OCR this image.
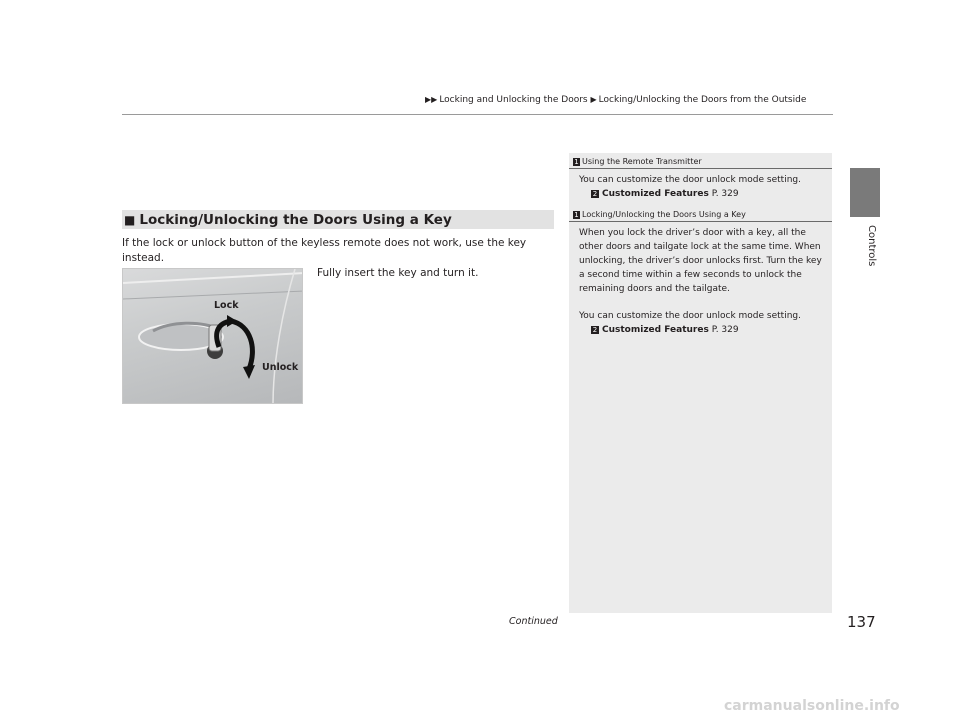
▶▶ Locking and Unlocking the Doors ▶ Locking/Unlocking the Doors from the Outside
Controls
■ Locking/Unlocking the Doors Using a Key
If the lock or unlock button of the keyless remote does not work, use the key instead.
Lock
Unlock
Fully insert the key and turn it.
1 Using the Remote Transmitter
You can customize the door unlock mode setting.
2 Customized Features P. 329
1 Locking/Unlocking the Doors Using a Key
When you lock the driver’s door with a key, all the other doors and tailgate lock at the same time. When unlocking, the driver’s door unlocks first. Turn the key a second time within a few seconds to unlock the remaining doors and the tailgate.
You can customize the door unlock mode setting.
2 Customized Features P. 329
Continued	137
carmanualsonline.info
